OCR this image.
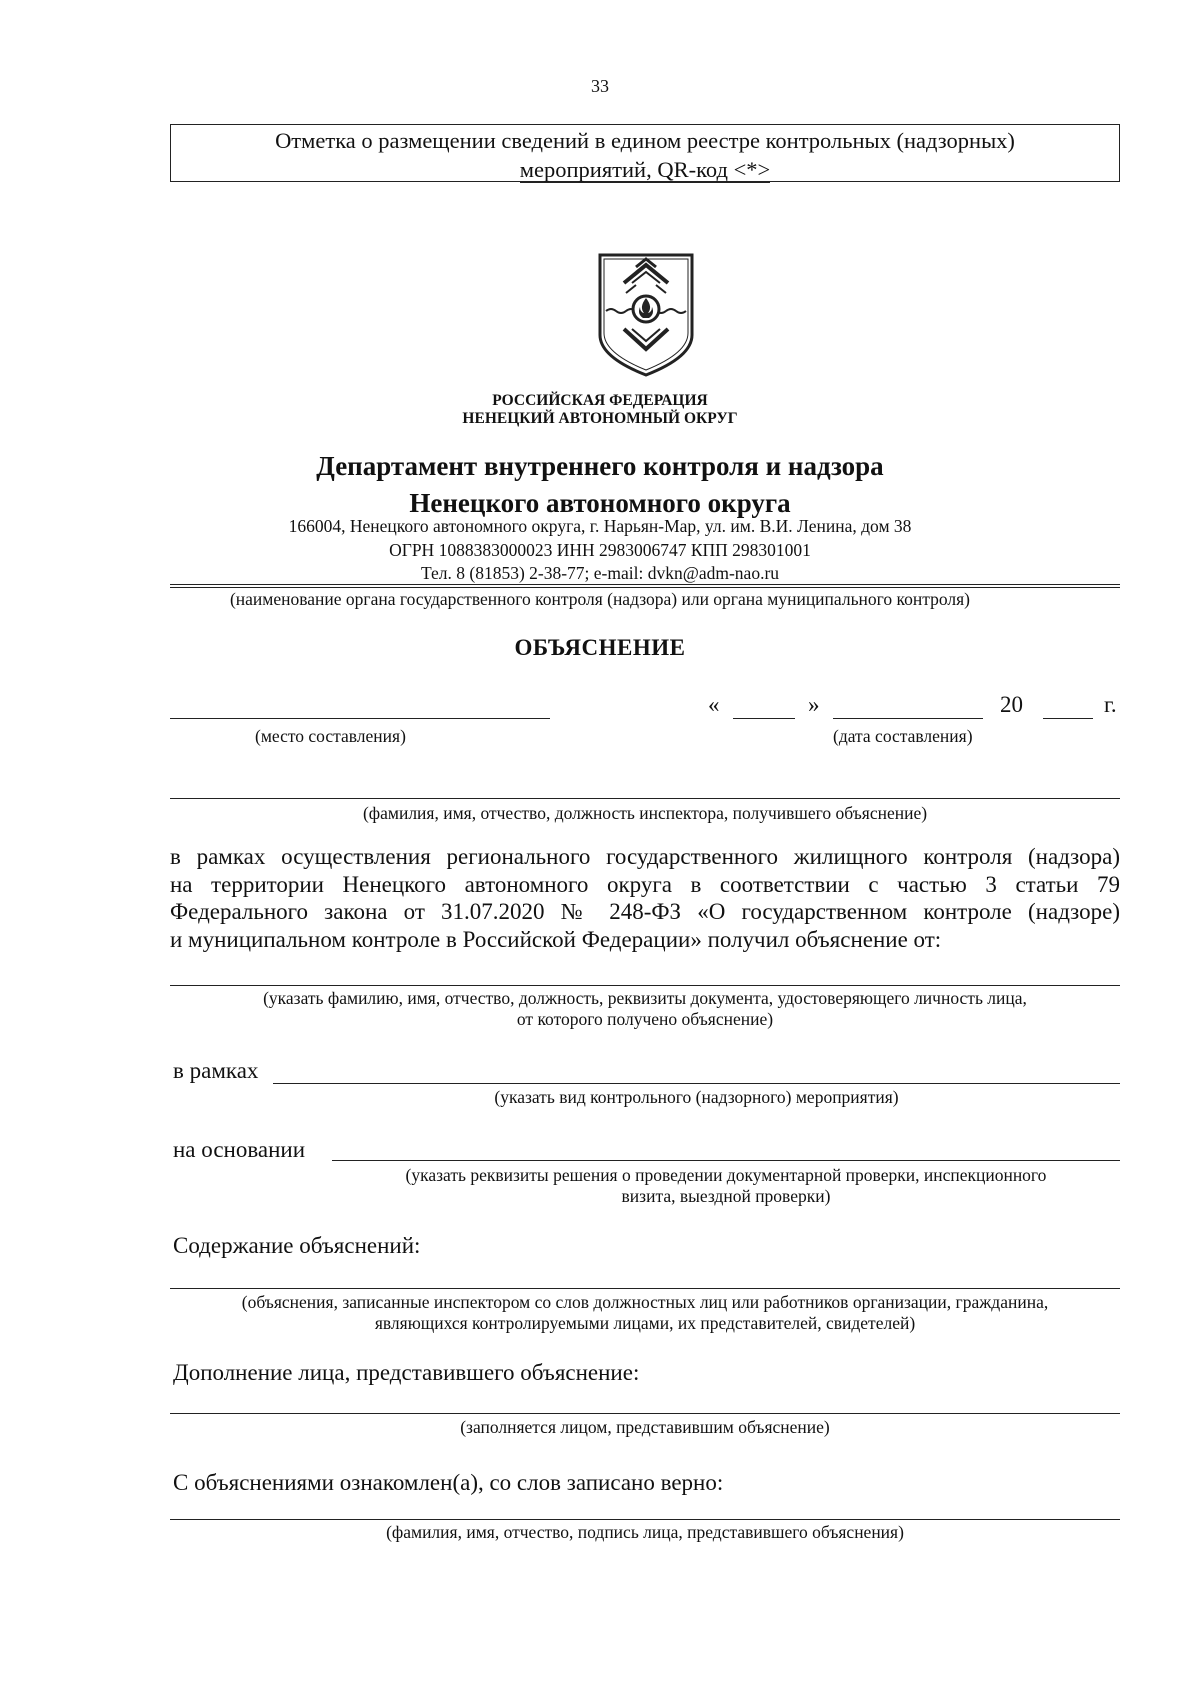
33
Отметка о размещении сведений в едином реестре контрольных (надзорных)
мероприятий, QR-код <*>
РОССИЙСКАЯ ФЕДЕРАЦИЯ
НЕНЕЦКИЙ АВТОНОМНЫЙ ОКРУГ
Департамент внутреннего контроля и надзора
Ненецкого автономного округа
166004, Ненецкого автономного округа, г. Нарьян-Мар, ул. им. В.И. Ленина, дом 38
ОГРН 1088383000023 ИНН 2983006747 КПП 298301001
Тел. 8 (81853) 2-38-77; e-mail: dvkn@adm-nao.ru
(наименование органа государственного контроля (надзора) или органа муниципального контроля)
ОБЪЯСНЕНИЕ
«	»	20	г.
(место составления)	(дата составления)
(фамилия, имя, отчество, должность инспектора, получившего объяснение)
в рамках осуществления регионального государственного жилищного контроля (надзора)
на территории Ненецкого автономного округа в соответствии с частью 3 статьи 79
Федерального закона от 31.07.2020 № 248-ФЗ «О государственном контроле (надзоре)
и муниципальном контроле в Российской Федерации» получил объяснение от:
(указать фамилию, имя, отчество, должность, реквизиты документа, удостоверяющего личность лица,
от которого получено объяснение)
в рамках
(указать вид контрольного (надзорного) мероприятия)
на основании
(указать реквизиты решения о проведении документарной проверки, инспекционного
визита, выездной проверки)
Содержание объяснений:
(объяснения, записанные инспектором со слов должностных лиц или работников организации, гражданина,
являющихся контролируемыми лицами, их представителей, свидетелей)
Дополнение лица, представившего объяснение:
(заполняется лицом, представившим объяснение)
С объяснениями ознакомлен(а), со слов записано верно:
(фамилия, имя, отчество, подпись лица, представившего объяснения)
